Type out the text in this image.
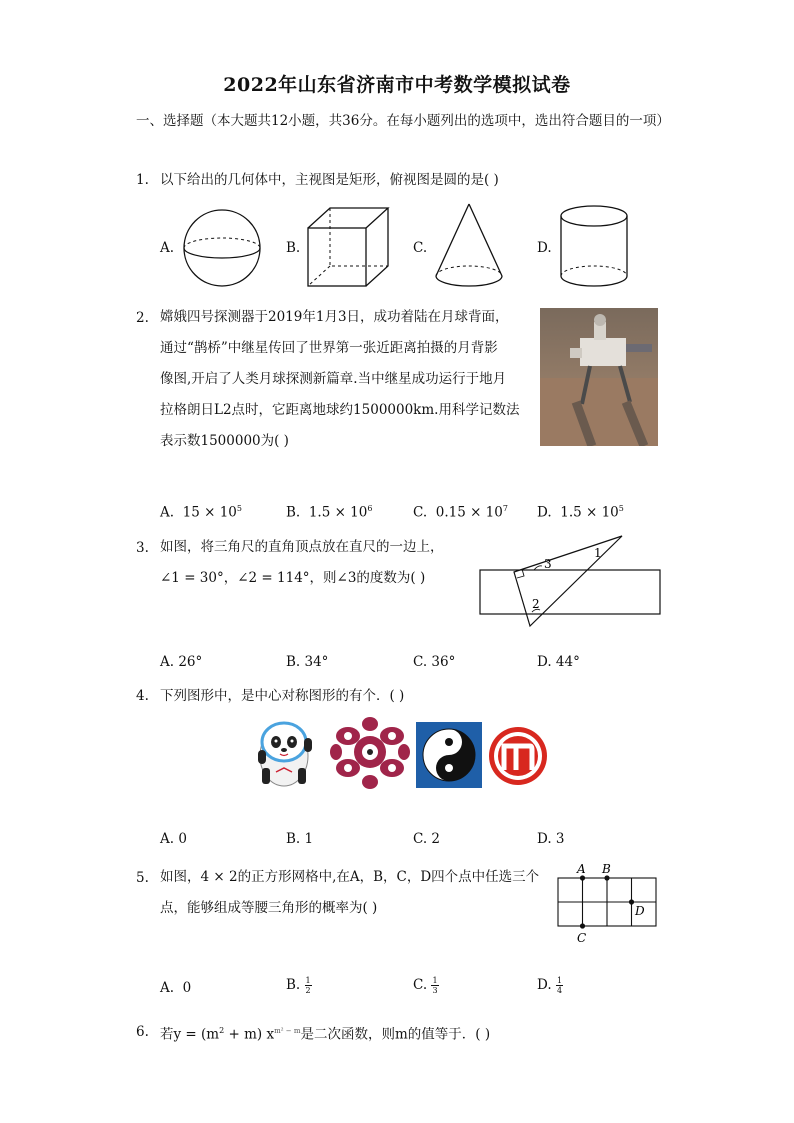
2022年山东省济南市中考数学模拟试卷
一、选择题（本大题共12小题，共36分。在每小题列出的选项中，选出符合题目的一项）
1. 以下给出的几何体中，主视图是矩形，俯视图是圆的是( )
A.	B.	C.	D.
2. 嫦娥四号探测器于2019年1月3日，成功着陆在月球背面，
通过“鹊桥”中继星传回了世界第一张近距离拍摄的月背影
像图,开启了人类月球探测新篇章.当中继星成功运行于地月
拉格朗日L2点时，它距离地球约1500000km.用科学记数法
表示数1500000为( )
A. $15 \times 10^5$	B. $1.5 \times 10^6$	C. $0.15 \times 10^7$ D. $1.5 \times 10^5$
3. 如图，将三角尺的直角顶点放在直尺的一边上，
∠1 = 30°，∠2 = 114°，则∠3的度数为( )
1
2
3
A. 26°	B. 34°	C. 36°	D. 44°
4. 下列图形中，是中心对称图形的有个．( )
A. 0	B. 1	C. 2	D. 3
5. 如图，4 × 2的正方形网格中,在A，B，C，D四个点中任选三个
点，能够组成等腰三角形的概率为( )
A B
C
D
A. 0	B. $\frac{1}{2}$	C. $\frac{1}{3}$	D. $\frac{1}{4}$
6. 若$y = (m^2 + m)$ $x^{m^2 - m}$是二次函数，则m的值等于．( )
